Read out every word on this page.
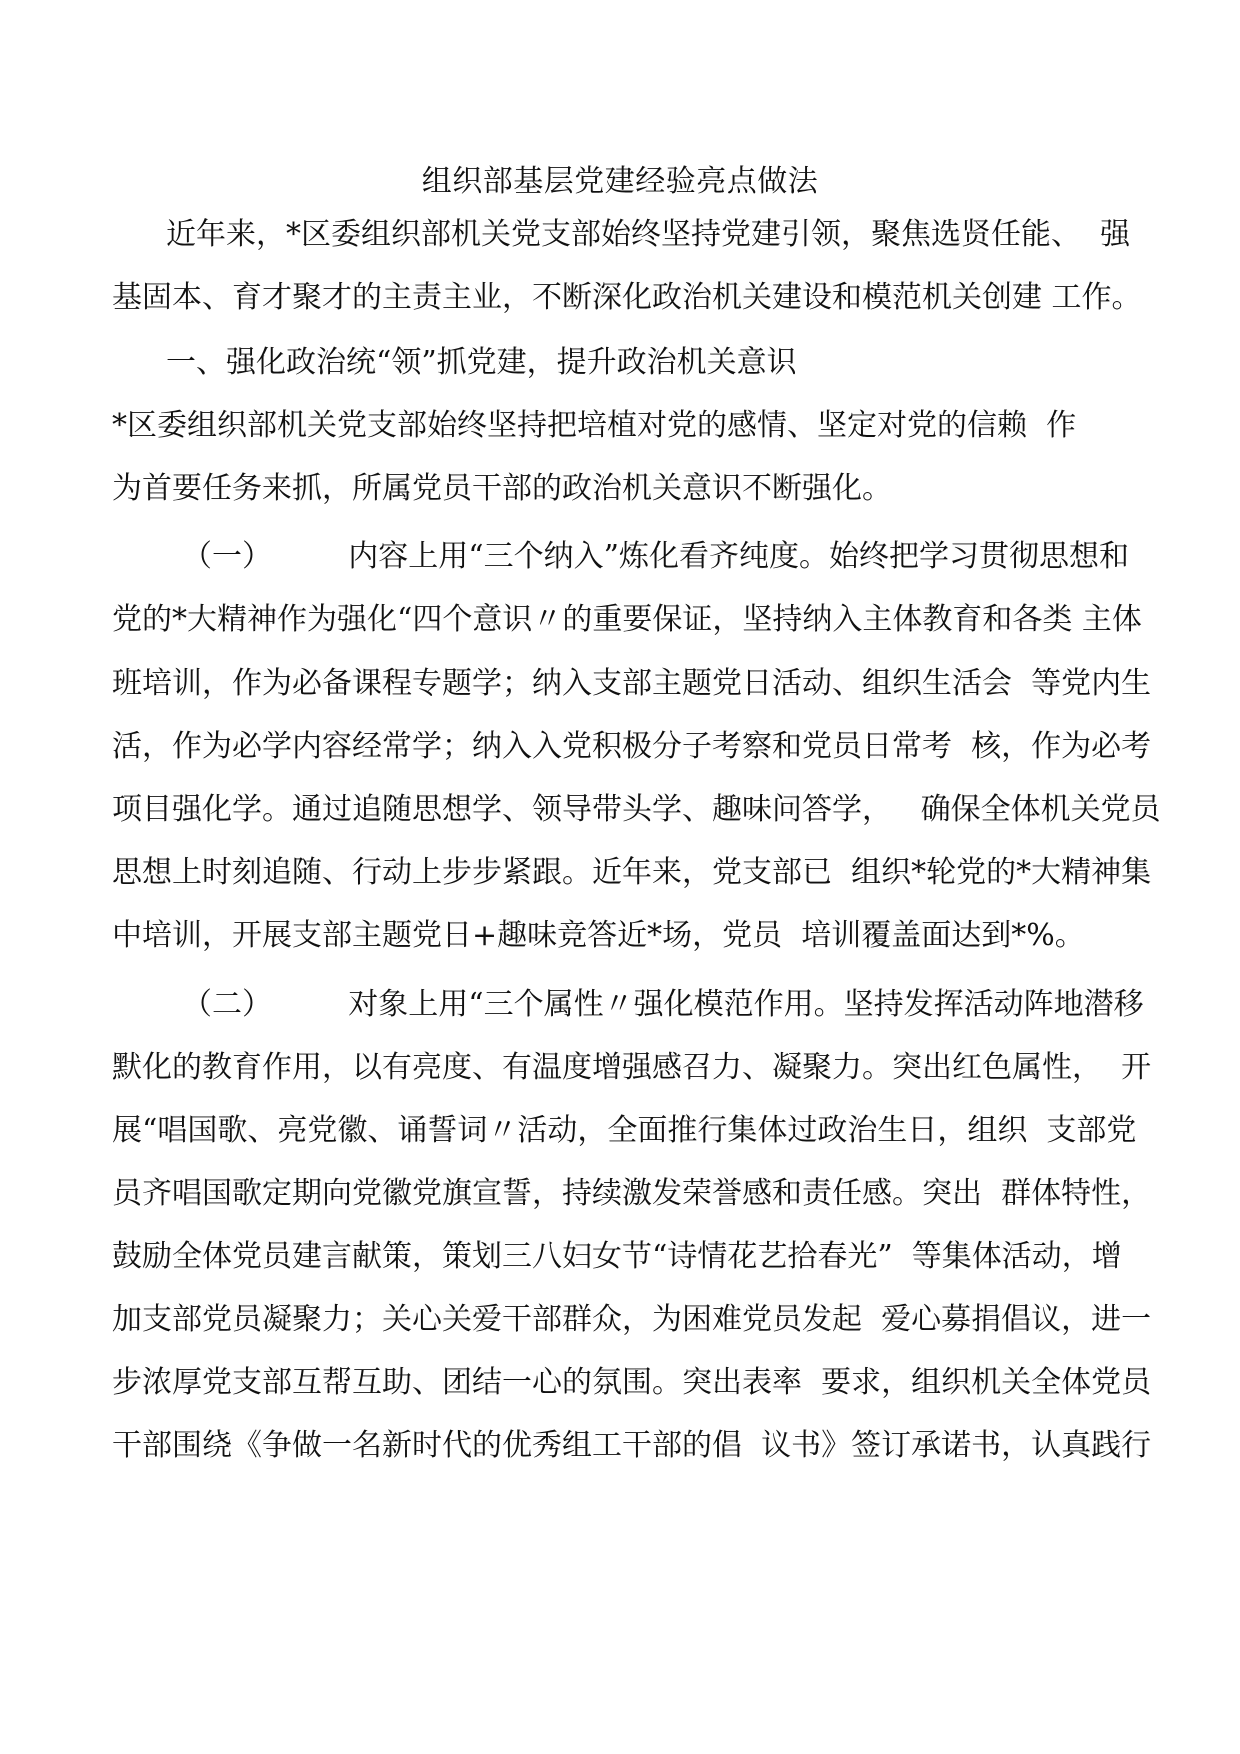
组织部基层党建经验亮点做法
近年来，*区委组织部机关党支部始终坚持党建引领，聚焦选贤任能、  强
基固本、育才聚才的主责主业，不断深化政治机关建设和模范机关创建 工作。
一、强化政治统“领”抓党建，提升政治机关意识
*区委组织部机关党支部始终坚持把培植对党的感情、坚定对党的信赖  作
为首要任务来抓，所属党员干部的政治机关意识不断强化。
（一）        内容上用“三个纳入”炼化看齐纯度。始终把学习贯彻思想和
党的*大精神作为强化“四个意识〃的重要保证，坚持纳入主体教育和各类 主体
班培训，作为必备课程专题学；纳入支部主题党日活动、组织生活会  等党内生
活，作为必学内容经常学；纳入入党积极分子考察和党员日常考  核，作为必考
项目强化学。通过追随思想学、领导带头学、趣味问答学，   确保全体机关党员
思想上时刻追随、行动上步步紧跟。近年来，党支部已  组织*轮党的*大精神集
中培训，开展支部主题党日+趣味竞答近*场，党员  培训覆盖面达到*%。
（二）        对象上用“三个属性〃强化模范作用。坚持发挥活动阵地潜移
默化的教育作用，以有亮度、有温度增强感召力、凝聚力。突出红色属性，  开
展“唱国歌、亮党徽、诵誓词〃活动，全面推行集体过政治生日，组织  支部党
员齐唱国歌定期向党徽党旗宣誓，持续激发荣誉感和责任感。突出  群体特性，
鼓励全体党员建言献策，策划三八妇女节“诗情花艺拾春光”  等集体活动，增
加支部党员凝聚力；关心关爱干部群众，为困难党员发起  爱心募捐倡议，进一
步浓厚党支部互帮互助、团结一心的氛围。突出表率  要求，组织机关全体党员
干部围绕《争做一名新时代的优秀组工干部的倡  议书》签订承诺书，认真践行
